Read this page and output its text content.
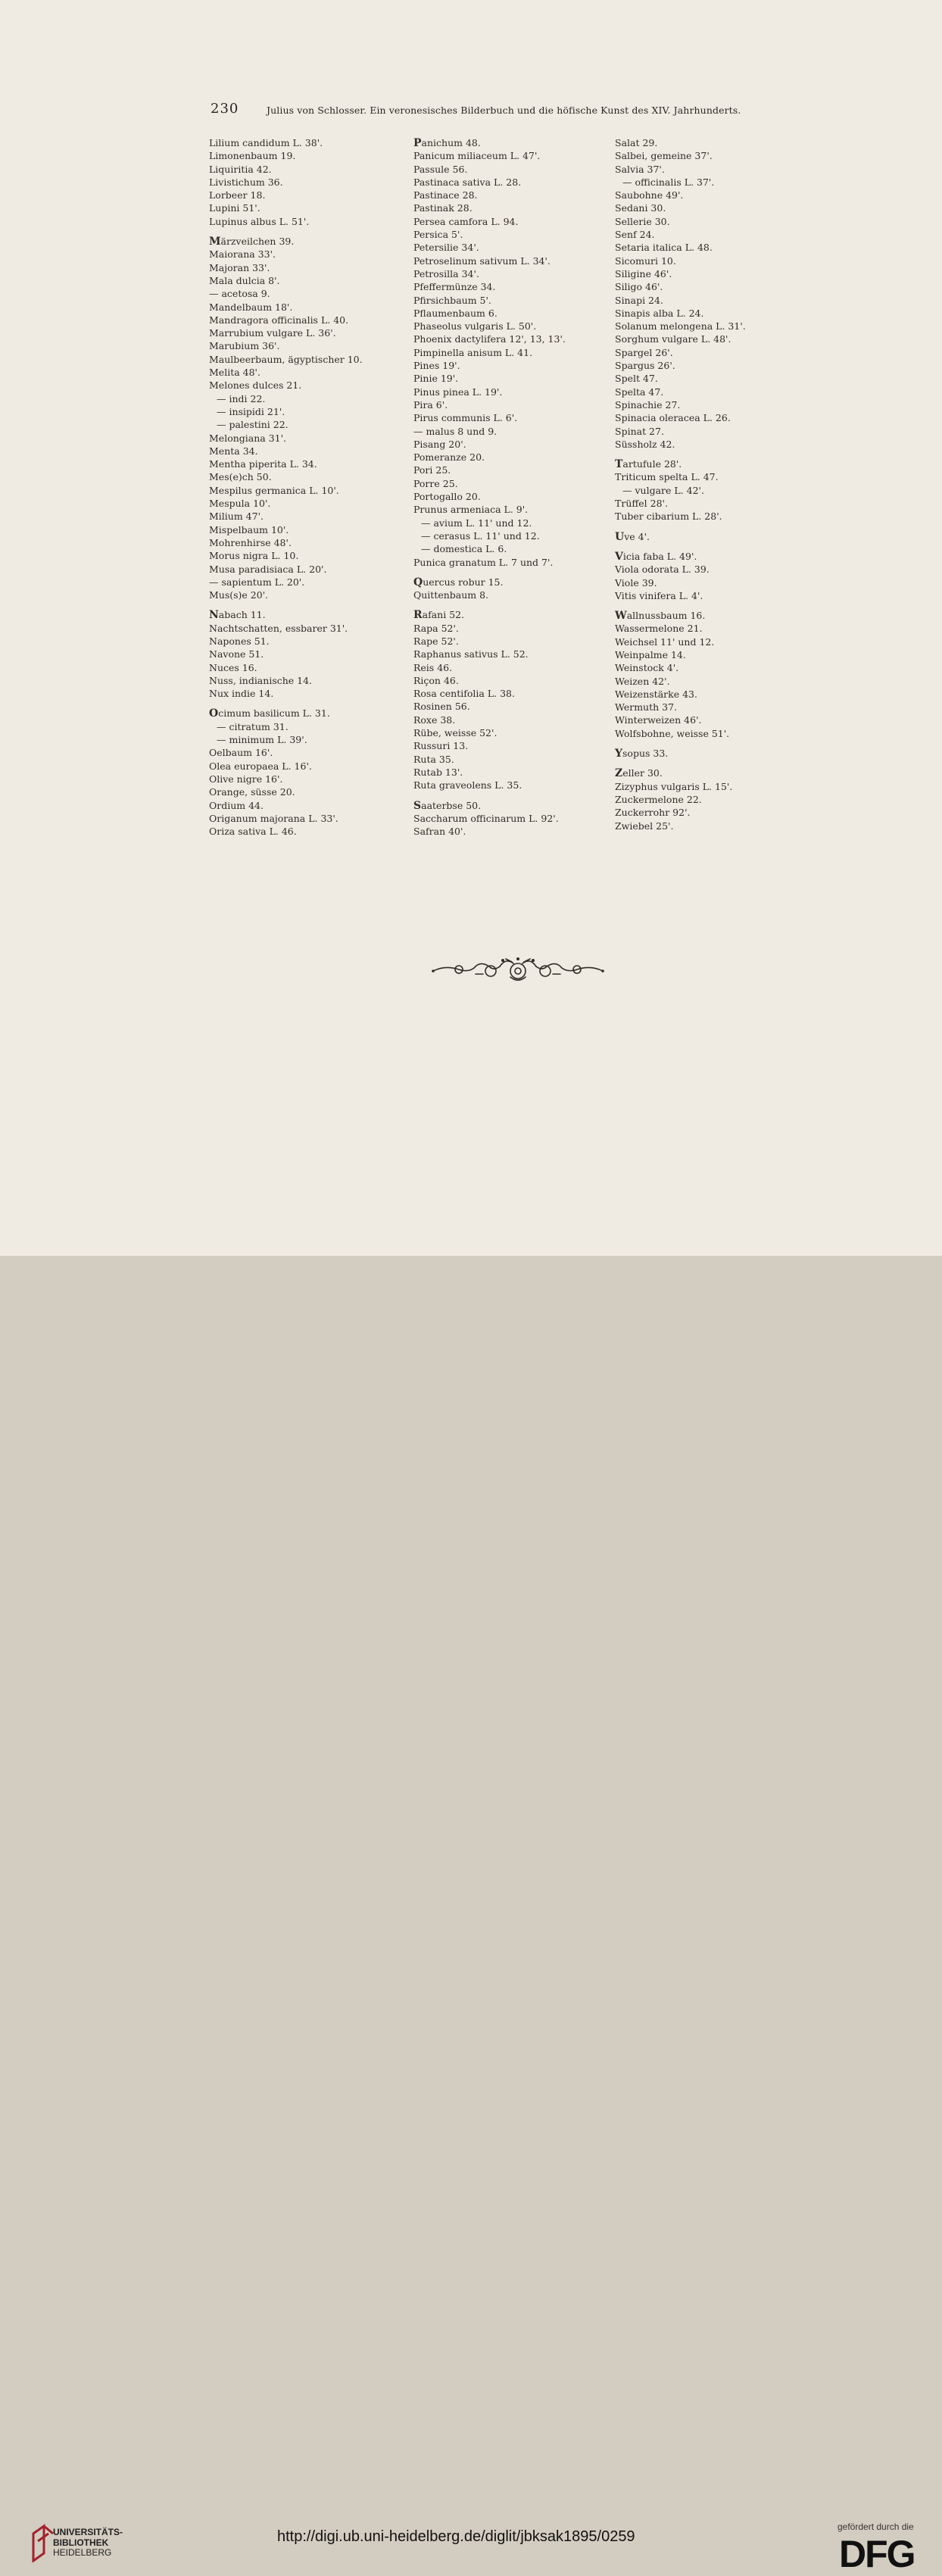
230	Julius von Schlosser. Ein veronesisches Bilderbuch und die höfische Kunst des XIV. Jahrhunderts.
Lilium candidum L. 38'.
Limonenbaum 19.
Liquiritia 42.
Livistichum 36.
Lorbeer 18.
Lupini 51'.
Lupinus albus L. 51'.
Märzveilchen 39.
Maiorana 33'.
Majoran 33'.
Mala dulcia 8'.
— acetosa 9.
Mandelbaum 18'.
Mandragora officinalis L. 40.
Marrubium vulgare L. 36'.
Marubium 36'.
Maulbeerbaum, ägyptischer 10.
Melita 48'.
Melones dulces 21.
— indi 22.
— insipidi 21'.
— palestini 22.
Melongiana 31'.
Menta 34.
Mentha piperita L. 34.
Mes(e)ch 50.
Mespilus germanica L. 10'.
Mespula 10'.
Milium 47'.
Mispelbaum 10'.
Mohrenhirse 48'.
Morus nigra L. 10.
Musa paradisiaca L. 20'.
— sapientum L. 20'.
Mus(s)e 20'.
Nabach 11.
Nachtschatten, essbarer 31'.
Napones 51.
Navone 51.
Nuces 16.
Nuss, indianische 14.
Nux indie 14.
Ocimum basilicum L. 31.
— citratum 31.
— minimum L. 39'.
Oelbaum 16'.
Olea europaea L. 16'.
Olive nigre 16'.
Orange, süsse 20.
Ordium 44.
Origanum majorana L. 33'.
Oriza sativa L. 46.
Panichum 48.
Panicum miliaceum L. 47'.
Passule 56.
Pastinaca sativa L. 28.
Pastinace 28.
Pastinak 28.
Persea camfora L. 94.
Persica 5'.
Petersilie 34'.
Petroselinum sativum L. 34'.
Petrosilla 34'.
Pfeffermünze 34.
Pfirsichbaum 5'.
Pflaumenbaum 6.
Phaseolus vulgaris L. 50'.
Phoenix dactylifera 12', 13, 13'.
Pimpinella anisum L. 41.
Pines 19'.
Pinie 19'.
Pinus pinea L. 19'.
Pira 6'.
Pirus communis L. 6'.
— malus 8 und 9.
Pisang 20'.
Pomeranze 20.
Pori 25.
Porre 25.
Portogallo 20.
Prunus armeniaca L. 9'.
— avium L. 11' und 12.
— cerasus L. 11' und 12.
— domestica L. 6.
Punica granatum L. 7 und 7'.
Quercus robur 15.
Quittenbaum 8.
Rafani 52.
Rapa 52'.
Rape 52'.
Raphanus sativus L. 52.
Reis 46.
Riçon 46.
Rosa centifolia L. 38.
Rosinen 56.
Roxe 38.
Rübe, weisse 52'.
Russuri 13.
Ruta 35.
Rutab 13'.
Ruta graveolens L. 35.
Saaterbse 50.
Saccharum officinarum L. 92'.
Safran 40'.
Salat 29.
Salbei, gemeine 37'.
Salvia 37'.
— officinalis L. 37'.
Saubohne 49'.
Sedani 30.
Sellerie 30.
Senf 24.
Setaria italica L. 48.
Sicomuri 10.
Siligine 46'.
Siligo 46'.
Sinapi 24.
Sinapis alba L. 24.
Solanum melongena L. 31'.
Sorghum vulgare L. 48'.
Spargel 26'.
Spargus 26'.
Spelt 47.
Spelta 47.
Spinachie 27.
Spinacia oleracea L. 26.
Spinat 27.
Süssholz 42.
Tartufule 28'.
Triticum spelta L. 47.
— vulgare L. 42'.
Trüffel 28'.
Tuber cibarium L. 28'.
Uve 4'.
Vicia faba L. 49'.
Viola odorata L. 39.
Viole 39.
Vitis vinifera L. 4'.
Wallnussbaum 16.
Wassermelone 21.
Weichsel 11' und 12.
Weinpalme 14.
Weinstock 4'.
Weizen 42'.
Weizenstärke 43.
Wermuth 37.
Winterweizen 46'.
Wolfsbohne, weisse 51'.
Ysopus 33.
Zeller 30.
Zizyphus vulgaris L. 15'.
Zuckermelone 22.
Zuckerrohr 92'.
Zwiebel 25'.
UNIVERSITÄTS-
BIBLIOTHEK
HEIDELBERG
http://digi.ub.uni-heidelberg.de/diglit/jbksak1895/0259
gefördert durch die
DFG
